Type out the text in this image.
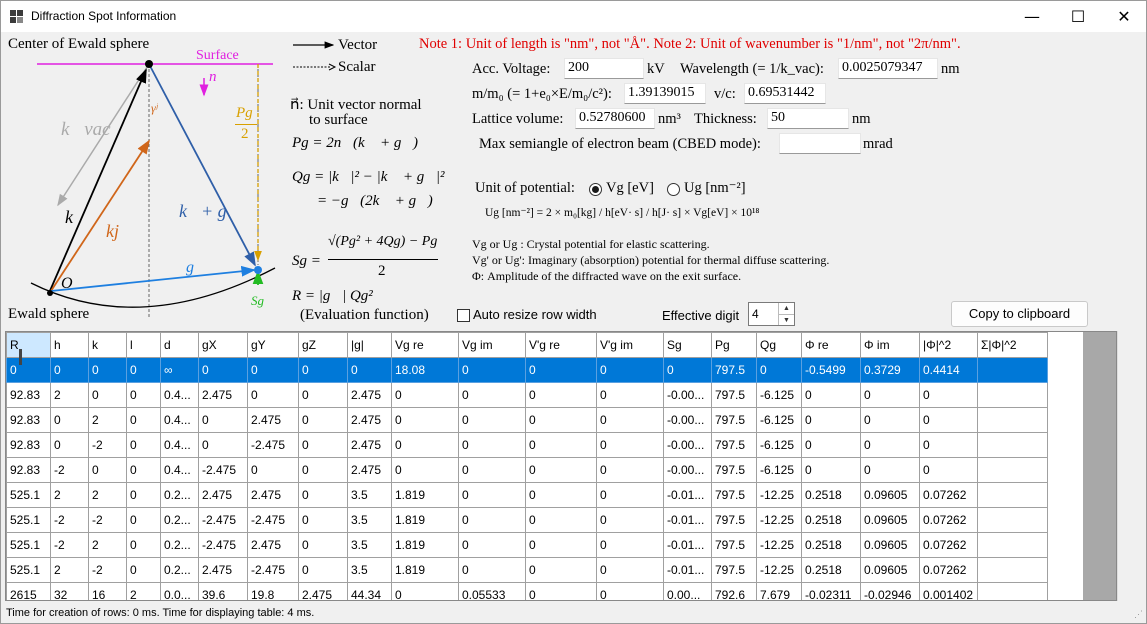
Diffraction Spot Information	—	☐	✕
Center of Ewald sphere
Ewald sphere
Surface
n⃗
k⃗vac
k⃗
kj⃗
γʲ
k⃗+ g⃗
g⃗
O
Sg
Pg
2
Vector
Scalar
n⃗: Unit vector normal
to surface
Pg = 2n⃗(k⃗ + g⃗)
Qg = |k⃗|² − |k⃗ + g⃗|²
= −g⃗(2k⃗ + g⃗)
Sg =
√(Pg² + 4Qg) − Pg
2
R = |g⃗| Qg²
(Evaluation function)
Note 1: Unit of length is "nm", not "Å". Note 2: Unit of wavenumber is "1/nm", not "2π/nm".
Acc. Voltage: 200	kV Wavelength (= 1/k_vac): 0.0025079347	nm
m/m₀ (= 1+e₀×E/m₀/c²): 1.39139015	v/c: 0.69531442
Lattice volume: 0.52780600 nm³ Thickness: 50	nm
Max semiangle of electron beam (CBED mode):	mrad
Unit of potential: Vg [eV] Ug [nm⁻²]
Ug [nm⁻²] = 2 × m₀[kg] / h[eV· s] / h[J· s] × Vg[eV] × 10¹⁸
Vg or Ug : Crystal potential for elastic scattering.
Vg' or Ug': Imaginary (absorption) potential for thermal diffuse scattering.
Φ: Amplitude of the diffracted wave on the exit surface.
Auto resize row width	Effective digit 4	▲
▼	Copy to clipboard
R	h	k	l	d	gX	gY	gZ	|g|	Vg re	Vg im	V'g re	V'g im	Sg	Pg	Qg	Φ re	Φ im	|Φ|^2	Σ|Φ|^2
0	0	0	0	∞	0	0	0	0	18.08	0	0	0	0	797.5	0	-0.5499	0.3729	0.4414	
92.83	2	0	0	0.4...	2.475	0	0	2.475	0	0	0	0	-0.00...	797.5	-6.125	0	0	0	
92.83	0	2	0	0.4...	0	2.475	0	2.475	0	0	0	0	-0.00...	797.5	-6.125	0	0	0	
92.83	0	-2	0	0.4...	0	-2.475	0	2.475	0	0	0	0	-0.00...	797.5	-6.125	0	0	0	
92.83	-2	0	0	0.4...	-2.475	0	0	2.475	0	0	0	0	-0.00...	797.5	-6.125	0	0	0	
525.1	2	2	0	0.2...	2.475	2.475	0	3.5	1.819	0	0	0	-0.01...	797.5	-12.25	0.2518	0.09605	0.07262	
525.1	-2	-2	0	0.2...	-2.475	-2.475	0	3.5	1.819	0	0	0	-0.01...	797.5	-12.25	0.2518	0.09605	0.07262	
525.1	-2	2	0	0.2...	-2.475	2.475	0	3.5	1.819	0	0	0	-0.01...	797.5	-12.25	0.2518	0.09605	0.07262	
525.1	2	-2	0	0.2...	2.475	-2.475	0	3.5	1.819	0	0	0	-0.01...	797.5	-12.25	0.2518	0.09605	0.07262	
2615	32	16	2	0.0...	39.6	19.8	2.475	44.34	0	0.05533	0	0	0.00...	792.6	7.679	-0.02311	-0.02946	0.001402	
Time for creation of rows: 0 ms. Time for displaying table: 4 ms.	⋰
